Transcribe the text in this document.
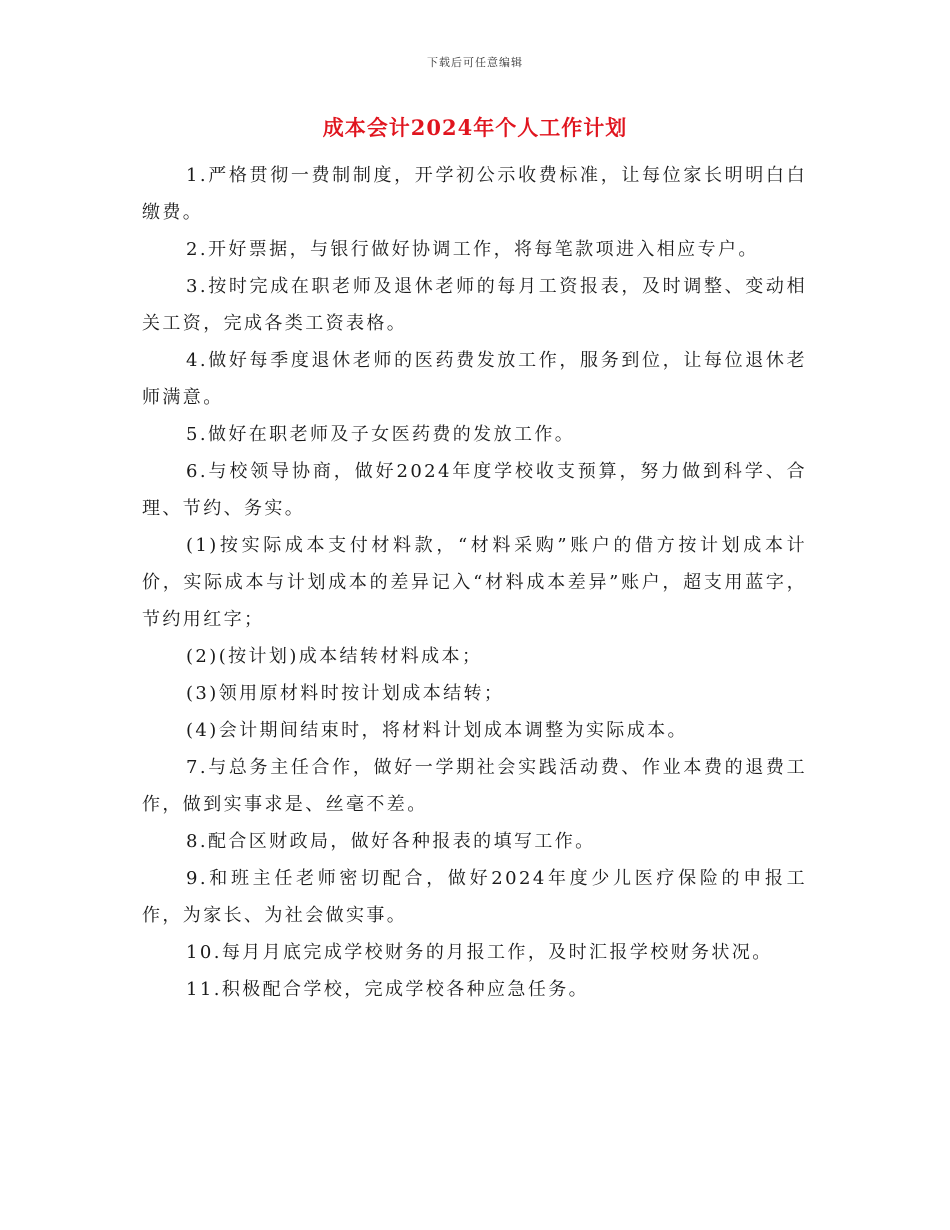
下载后可任意编辑
成本会计2024年个人工作计划

1.严格贯彻一费制制度，开学初公示收费标准，让每位家长明明白白缴费。

2.开好票据，与银行做好协调工作，将每笔款项进入相应专户。

3.按时完成在职老师及退休老师的每月工资报表，及时调整、变动相关工资，完成各类工资表格。

4.做好每季度退休老师的医药费发放工作，服务到位，让每位退休老师满意。

5.做好在职老师及子女医药费的发放工作。

6.与校领导协商，做好2024年度学校收支预算，努力做到科学、合理、节约、务实。

(1)按实际成本支付材料款，“材料采购”账户的借方按计划成本计价，实际成本与计划成本的差异记入“材料成本差异”账户，超支用蓝字，节约用红字；

(2)(按计划)成本结转材料成本；

(3)领用原材料时按计划成本结转；

(4)会计期间结束时，将材料计划成本调整为实际成本。

7.与总务主任合作，做好一学期社会实践活动费、作业本费的退费工作，做到实事求是、丝毫不差。

8.配合区财政局，做好各种报表的填写工作。

9.和班主任老师密切配合，做好2024年度少儿医疗保险的申报工作，为家长、为社会做实事。

10.每月月底完成学校财务的月报工作，及时汇报学校财务状况。

11.积极配合学校，完成学校各种应急任务。
